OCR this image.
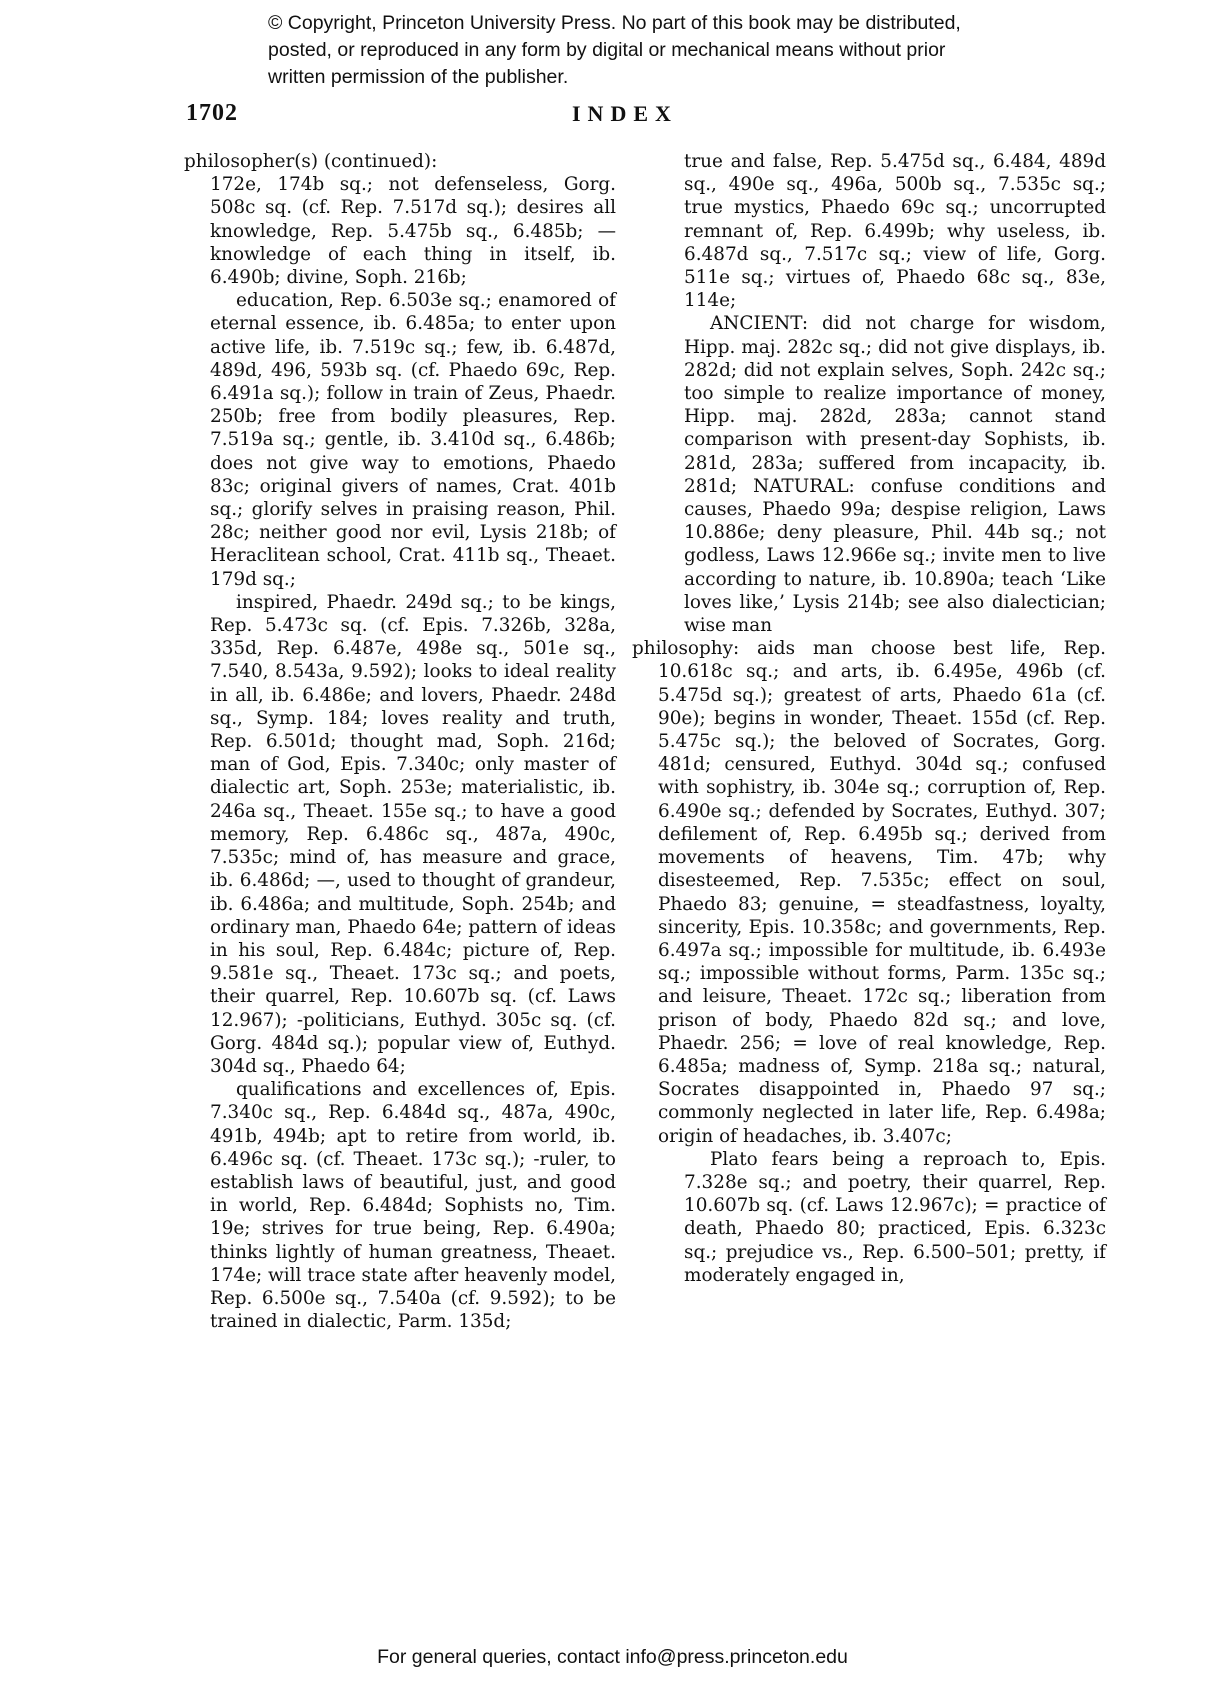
© Copyright, Princeton University Press. No part of this book may be distributed, posted, or reproduced in any form by digital or mechanical means without prior written permission of the publisher.
1702	INDEX

philosopher(s) (continued):

172e, 174b sq.; not defenseless, Gorg. 508c sq. (cf. Rep. 7.517d sq.); desires all knowledge, Rep. 5.475b sq., 6.485b; — knowledge of each thing in itself, ib. 6.490b; divine, Soph. 216b;

education, Rep. 6.503e sq.; enamored of eternal essence, ib. 6.485a; to enter upon active life, ib. 7.519c sq.; few, ib. 6.487d, 489d, 496, 593b sq. (cf. Phaedo 69c, Rep. 6.491a sq.); follow in train of Zeus, Phaedr. 250b; free from bodily pleasures, Rep. 7.519a sq.; gentle, ib. 3.410d sq., 6.486b; does not give way to emotions, Phaedo 83c; original givers of names, Crat. 401b sq.; glorify selves in praising reason, Phil. 28c; neither good nor evil, Lysis 218b; of Heraclitean school, Crat. 411b sq., Theaet. 179d sq.;

inspired, Phaedr. 249d sq.; to be kings, Rep. 5.473c sq. (cf. Epis. 7.326b, 328a, 335d, Rep. 6.487e, 498e sq., 501e sq., 7.540, 8.543a, 9.592); looks to ideal reality in all, ib. 6.486e; and lovers, Phaedr. 248d sq., Symp. 184; loves reality and truth, Rep. 6.501d; thought mad, Soph. 216d; man of God, Epis. 7.340c; only master of dialectic art, Soph. 253e; materialistic, ib. 246a sq., Theaet. 155e sq.; to have a good memory, Rep. 6.486c sq., 487a, 490c, 7.535c; mind of, has measure and grace, ib. 6.486d; —, used to thought of grandeur, ib. 6.486a; and multitude, Soph. 254b; and ordinary man, Phaedo 64e; pattern of ideas in his soul, Rep. 6.484c; picture of, Rep. 9.581e sq., Theaet. 173c sq.; and poets, their quarrel, Rep. 10.607b sq. (cf. Laws 12.967); -politicians, Euthyd. 305c sq. (cf. Gorg. 484d sq.); popular view of, Euthyd. 304d sq., Phaedo 64;

qualifications and excellences of, Epis. 7.340c sq., Rep. 6.484d sq., 487a, 490c, 491b, 494b; apt to retire from world, ib. 6.496c sq. (cf. Theaet. 173c sq.); -ruler, to establish laws of beautiful, just, and good in world, Rep. 6.484d; Sophists no, Tim. 19e; strives for true being, Rep. 6.490a; thinks lightly of human greatness, Theaet. 174e; will trace state after heavenly model, Rep. 6.500e sq., 7.540a (cf. 9.592); to be trained in dialectic, Parm. 135d;

true and false, Rep. 5.475d sq., 6.484, 489d sq., 490e sq., 496a, 500b sq., 7.535c sq.; true mystics, Phaedo 69c sq.; uncorrupted remnant of, Rep. 6.499b; why useless, ib. 6.487d sq., 7.517c sq.; view of life, Gorg. 511e sq.; virtues of, Phaedo 68c sq., 83e, 114e;

ANCIENT: did not charge for wisdom, Hipp. maj. 282c sq.; did not give displays, ib. 282d; did not explain selves, Soph. 242c sq.; too simple to realize importance of money, Hipp. maj. 282d, 283a; cannot stand comparison with present-day Sophists, ib. 281d, 283a; suffered from incapacity, ib. 281d; NATURAL: confuse conditions and causes, Phaedo 99a; despise religion, Laws 10.886e; deny pleasure, Phil. 44b sq.; not godless, Laws 12.966e sq.; invite men to live according to nature, ib. 10.890a; teach ‘Like loves like,’ Lysis 214b; see also dialectician; wise man

philosophy: aids man choose best life, Rep. 10.618c sq.; and arts, ib. 6.495e, 496b (cf. 5.475d sq.); greatest of arts, Phaedo 61a (cf. 90e); begins in wonder, Theaet. 155d (cf. Rep. 5.475c sq.); the beloved of Socrates, Gorg. 481d; censured, Euthyd. 304d sq.; confused with sophistry, ib. 304e sq.; corruption of, Rep. 6.490e sq.; defended by Socrates, Euthyd. 307; defilement of, Rep. 6.495b sq.; derived from movements of heavens, Tim. 47b; why disesteemed, Rep. 7.535c; effect on soul, Phaedo 83; genuine, = steadfastness, loyalty, sincerity, Epis. 10.358c; and governments, Rep. 6.497a sq.; impossible for multitude, ib. 6.493e sq.; impossible without forms, Parm. 135c sq.; and leisure, Theaet. 172c sq.; liberation from prison of body, Phaedo 82d sq.; and love, Phaedr. 256; = love of real knowledge, Rep. 6.485a; madness of, Symp. 218a sq.; natural, Socrates disappointed in, Phaedo 97 sq.; commonly neglected in later life, Rep. 6.498a; origin of headaches, ib. 3.407c;

Plato fears being a reproach to, Epis. 7.328e sq.; and poetry, their quarrel, Rep. 10.607b sq. (cf. Laws 12.967c); = practice of death, Phaedo 80; practiced, Epis. 6.323c sq.; prejudice vs., Rep. 6.500–501; pretty, if moderately engaged in,

For general queries, contact info@press.princeton.edu
